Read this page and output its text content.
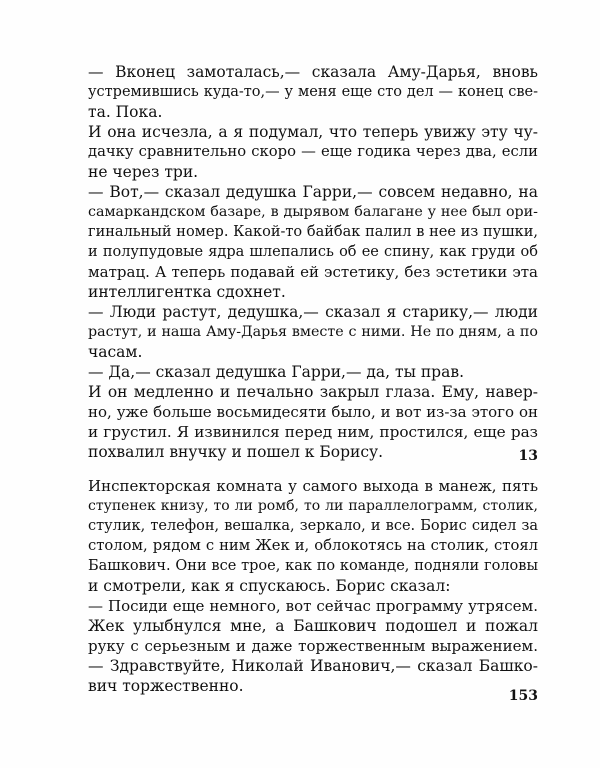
— Вконец замоталась,— сказала Аму-Дарья, вновь
устремившись куда-то,— у меня еще сто дел — конец све-
та. Пока.
И она исчезла, а я подумал, что теперь увижу эту чу-
дачку сравнительно скоро — еще годика через два, если
не через три.
— Вот,— сказал дедушка Гарри,— совсем недавно, на
самаркандском базаре, в дырявом балагане у нее был ори-
гинальный номер. Какой-то байбак палил в нее из пушки,
и полупудовые ядра шлепались об ее спину, как груди об
матрац. А теперь подавай ей эстетику, без эстетики эта
интеллигентка сдохнет.
— Люди растут, дедушка,— сказал я старику,— люди
растут, и наша Аму-Дарья вместе с ними. Не по дням, а по
часам.
— Да,— сказал дедушка Гарри,— да, ты прав.
И он медленно и печально закрыл глаза. Ему, навер-
но, уже больше восьмидесяти было, и вот из-за этого он
и грустил. Я извинился перед ним, простился, еще раз
похвалил внучку и пошел к Борису.	13
Инспекторская комната у самого выхода в манеж, пять
ступенек книзу, то ли ромб, то ли параллелограмм, столик,
стулик, телефон, вешалка, зеркало, и все. Борис сидел за
столом, рядом с ним Жек и, облокотясь на столик, стоял
Башкович. Они все трое, как по команде, подняли головы
и смотрели, как я спускаюсь. Борис сказал:
— Посиди еще немного, вот сейчас программу утрясем.
Жек улыбнулся мне, а Башкович подошел и пожал
руку с серьезным и даже торжественным выражением.
— Здравствуйте, Николай Иванович,— сказал Башко-
вич торжественно.
153
